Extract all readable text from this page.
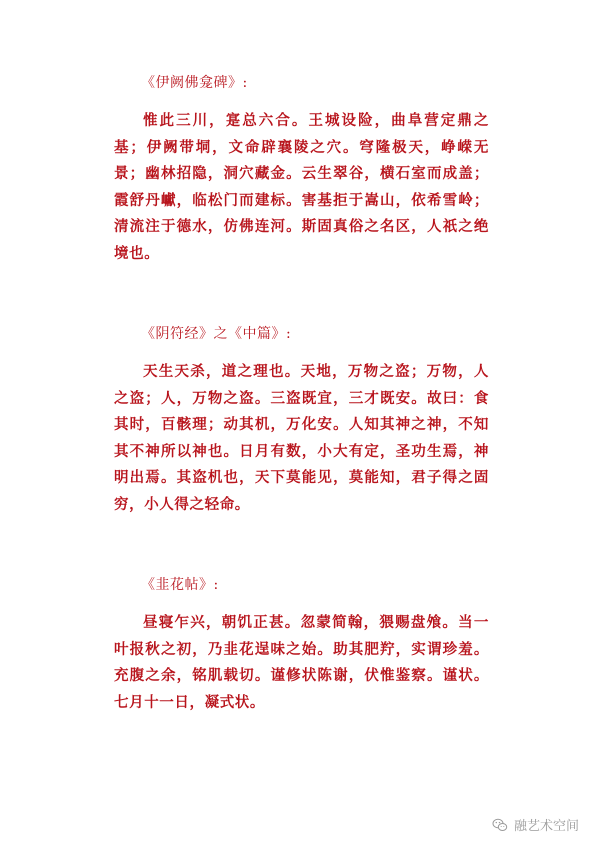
《伊阙佛龛碑》:
惟此三川，寔总六合。王城设险，曲阜营定鼎之基；伊阙带垌，文命辟襄陵之穴。穹隆极天，峥嵘无景；幽林招隐，洞穴藏金。云生翠谷，横石室而成盖；霞舒丹巘，临松门而建标。害基拒于嵩山，依希雪岭；清流注于德水，仿佛连河。斯固真俗之名区，人祇之绝境也。
《阴符经》之《中篇》:
天生天杀，道之理也。天地，万物之盗；万物，人之盗；人，万物之盗。三盗既宜，三才既安。故曰：食其时，百骸理；动其机，万化安。人知其神之神，不知其不神所以神也。日月有数，小大有定，圣功生焉，神明出焉。其盗机也，天下莫能见，莫能知，君子得之固穷，小人得之轻命。
《韭花帖》:
昼寝乍兴，朝饥正甚。忽蒙简翰，猥赐盘飧。当一叶报秋之初，乃韭花逞味之始。助其肥羜，实谓珍羞。充腹之余，铭肌载切。谨修状陈谢，伏惟鉴察。谨状。七月十一日，凝式状。
融艺术空间
